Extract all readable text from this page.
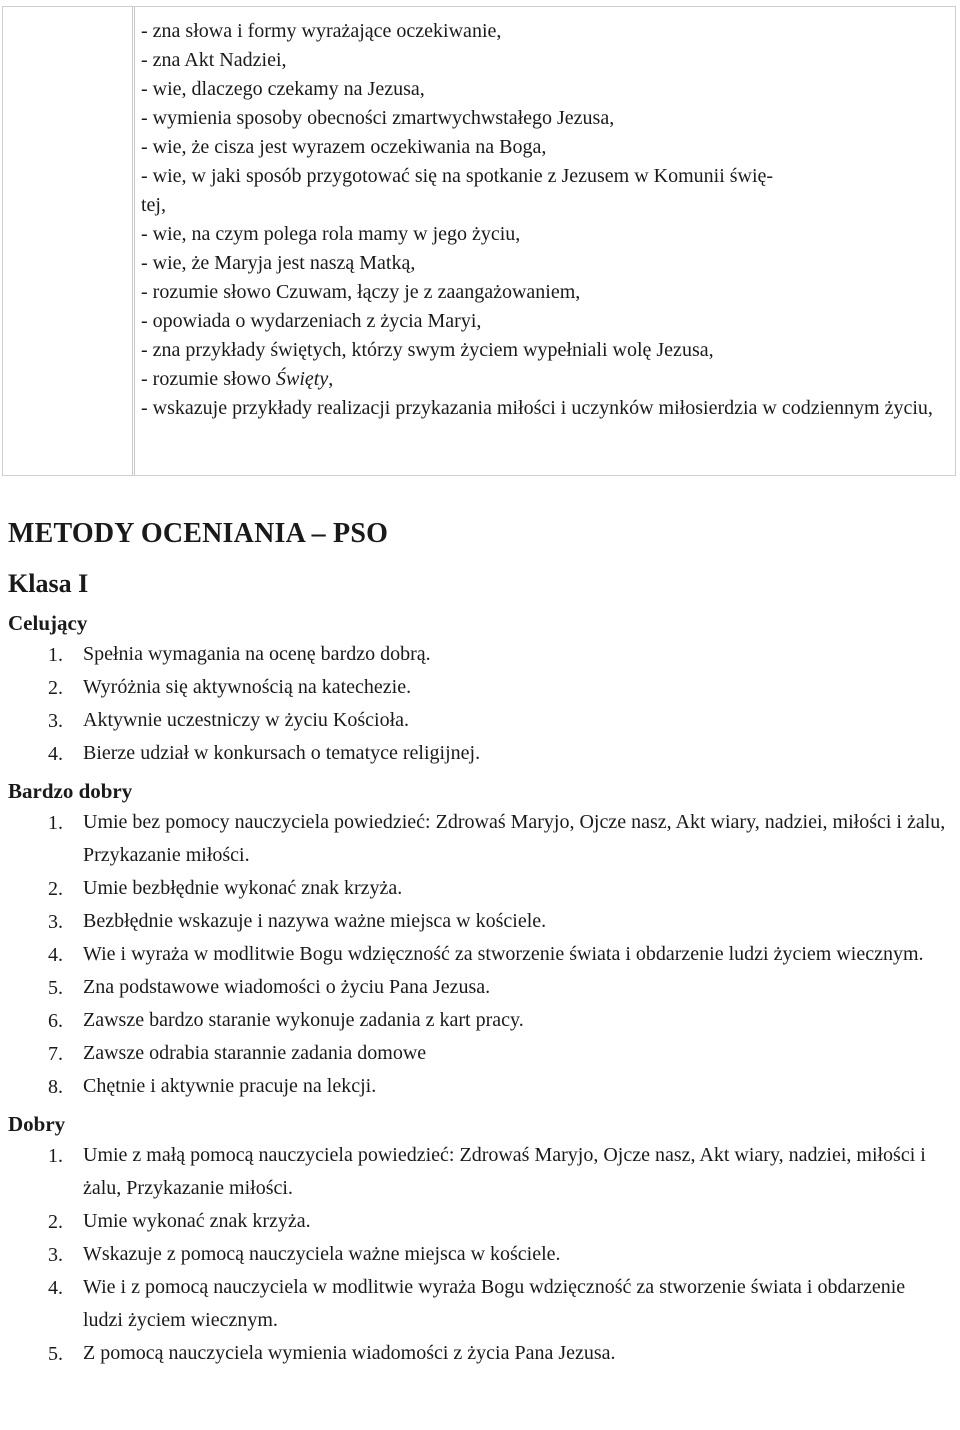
- zna słowa i formy wyrażające oczekiwanie,
- zna Akt Nadziei,
- wie, dlaczego czekamy na Jezusa,
- wymienia sposoby obecności zmartwychwstałego Jezusa,
- wie, że cisza jest wyrazem oczekiwania na Boga,
- wie, w jaki sposób przygotować się na spotkanie z Jezusem w Komunii świę-
tej,
- wie, na czym polega rola mamy w jego życiu,
- wie, że Maryja jest naszą Matką,
- rozumie słowo Czuwam, łączy je z zaangażowaniem,
- opowiada o wydarzeniach z życia Maryi,
- zna przykłady świętych, którzy swym życiem wypełniali wolę Jezusa,
- rozumie słowo Święty,
- wskazuje przykłady realizacji przykazania miłości i uczynków miłosierdzia w codziennym życiu,
METODY OCENIANIA – PSO
Klasa I
Celujący
1. Spełnia wymagania na ocenę bardzo dobrą.
2. Wyróżnia się aktywnością na katechezie.
3. Aktywnie uczestniczy w życiu Kościoła.
4. Bierze udział w konkursach o tematyce religijnej.
Bardzo dobry
1. Umie bez pomocy nauczyciela powiedzieć: Zdrowaś Maryjo, Ojcze nasz, Akt wiary, nadziei, miłości i żalu, Przykazanie miłości.
2. Umie bezbłędnie wykonać znak krzyża.
3. Bezbłędnie wskazuje i nazywa ważne miejsca w kościele.
4. Wie i wyraża w modlitwie Bogu wdzięczność za stworzenie świata i obdarzenie ludzi życiem wiecznym.
5. Zna podstawowe wiadomości o życiu Pana Jezusa.
6. Zawsze bardzo staranie wykonuje zadania z kart pracy.
7. Zawsze odrabia starannie zadania domowe
8. Chętnie i aktywnie pracuje na lekcji.
Dobry
1. Umie z małą pomocą nauczyciela powiedzieć: Zdrowaś Maryjo, Ojcze nasz, Akt wiary, nadziei, miłości i żalu, Przykazanie miłości.
2. Umie wykonać znak krzyża.
3. Wskazuje z pomocą nauczyciela ważne miejsca w kościele.
4. Wie i z pomocą nauczyciela w modlitwie wyraża Bogu wdzięczność za stworzenie świata i obdarzenie ludzi życiem wiecznym.
5. Z pomocą nauczyciela wymienia wiadomości z życia Pana Jezusa.
